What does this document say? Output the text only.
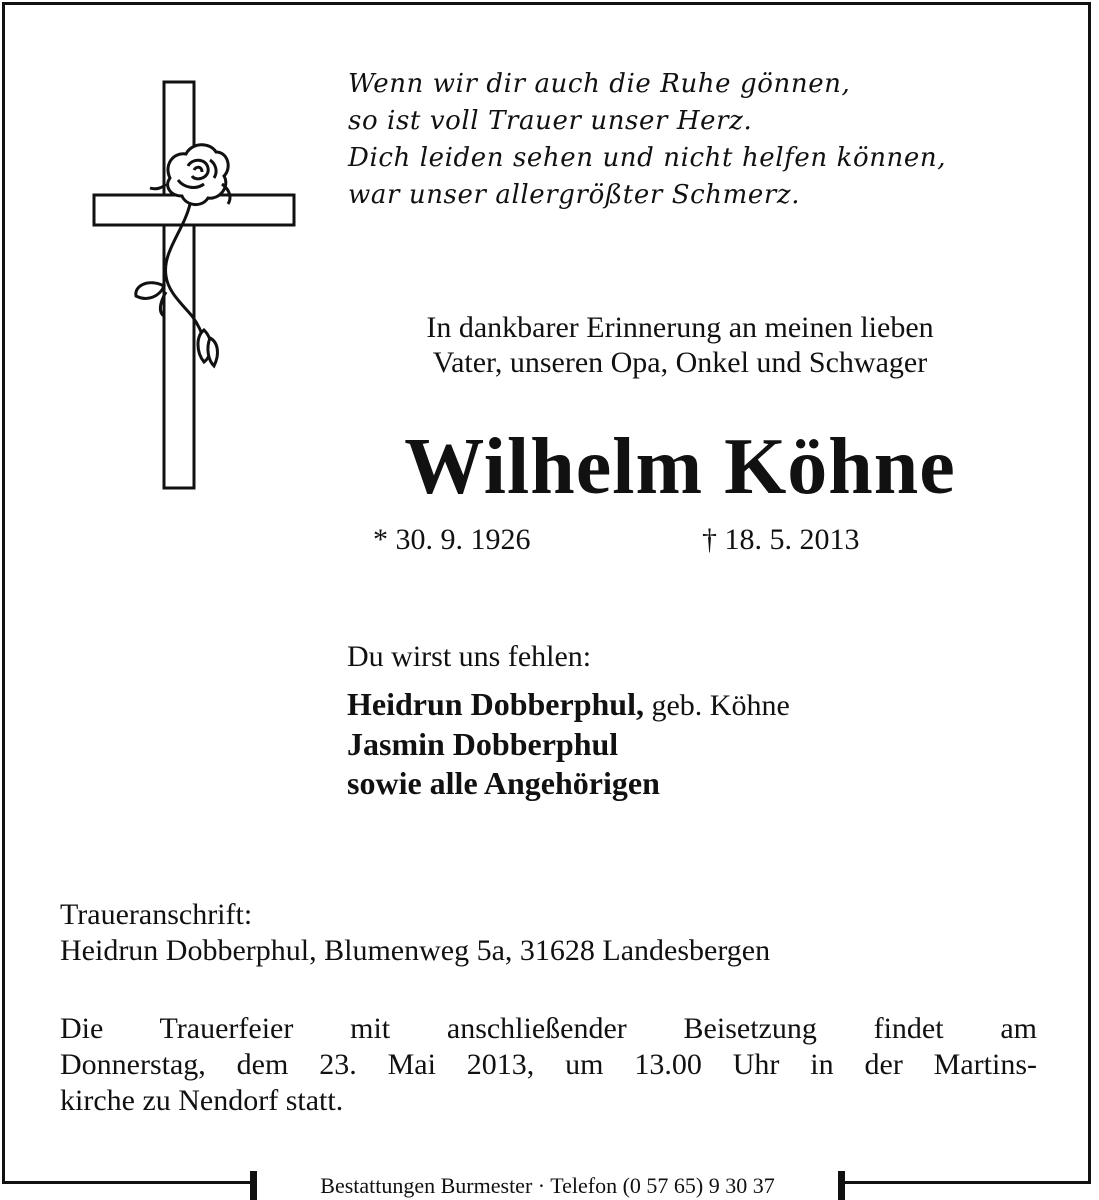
Wenn wir dir auch die Ruhe gönnen,
so ist voll Trauer unser Herz.
Dich leiden sehen und nicht helfen können,
war unser allergrößter Schmerz.
In dankbarer Erinnerung an meinen lieben
Vater, unseren Opa, Onkel und Schwager
Wilhelm Köhne
* 30. 9. 1926	† 18. 5. 2013
Du wirst uns fehlen:
Heidrun Dobberphul, geb. Köhne
Jasmin Dobberphul
sowie alle Angehörigen
Traueranschrift:
Heidrun Dobberphul, Blumenweg 5a, 31628 Landesbergen
Die Trauerfeier mit anschließender Beisetzung findet am
Donnerstag, dem 23. Mai 2013, um 13.00 Uhr in der Martins-
kirche zu Nendorf statt.
Bestattungen Burmester · Telefon (0 57 65) 9 30 37
